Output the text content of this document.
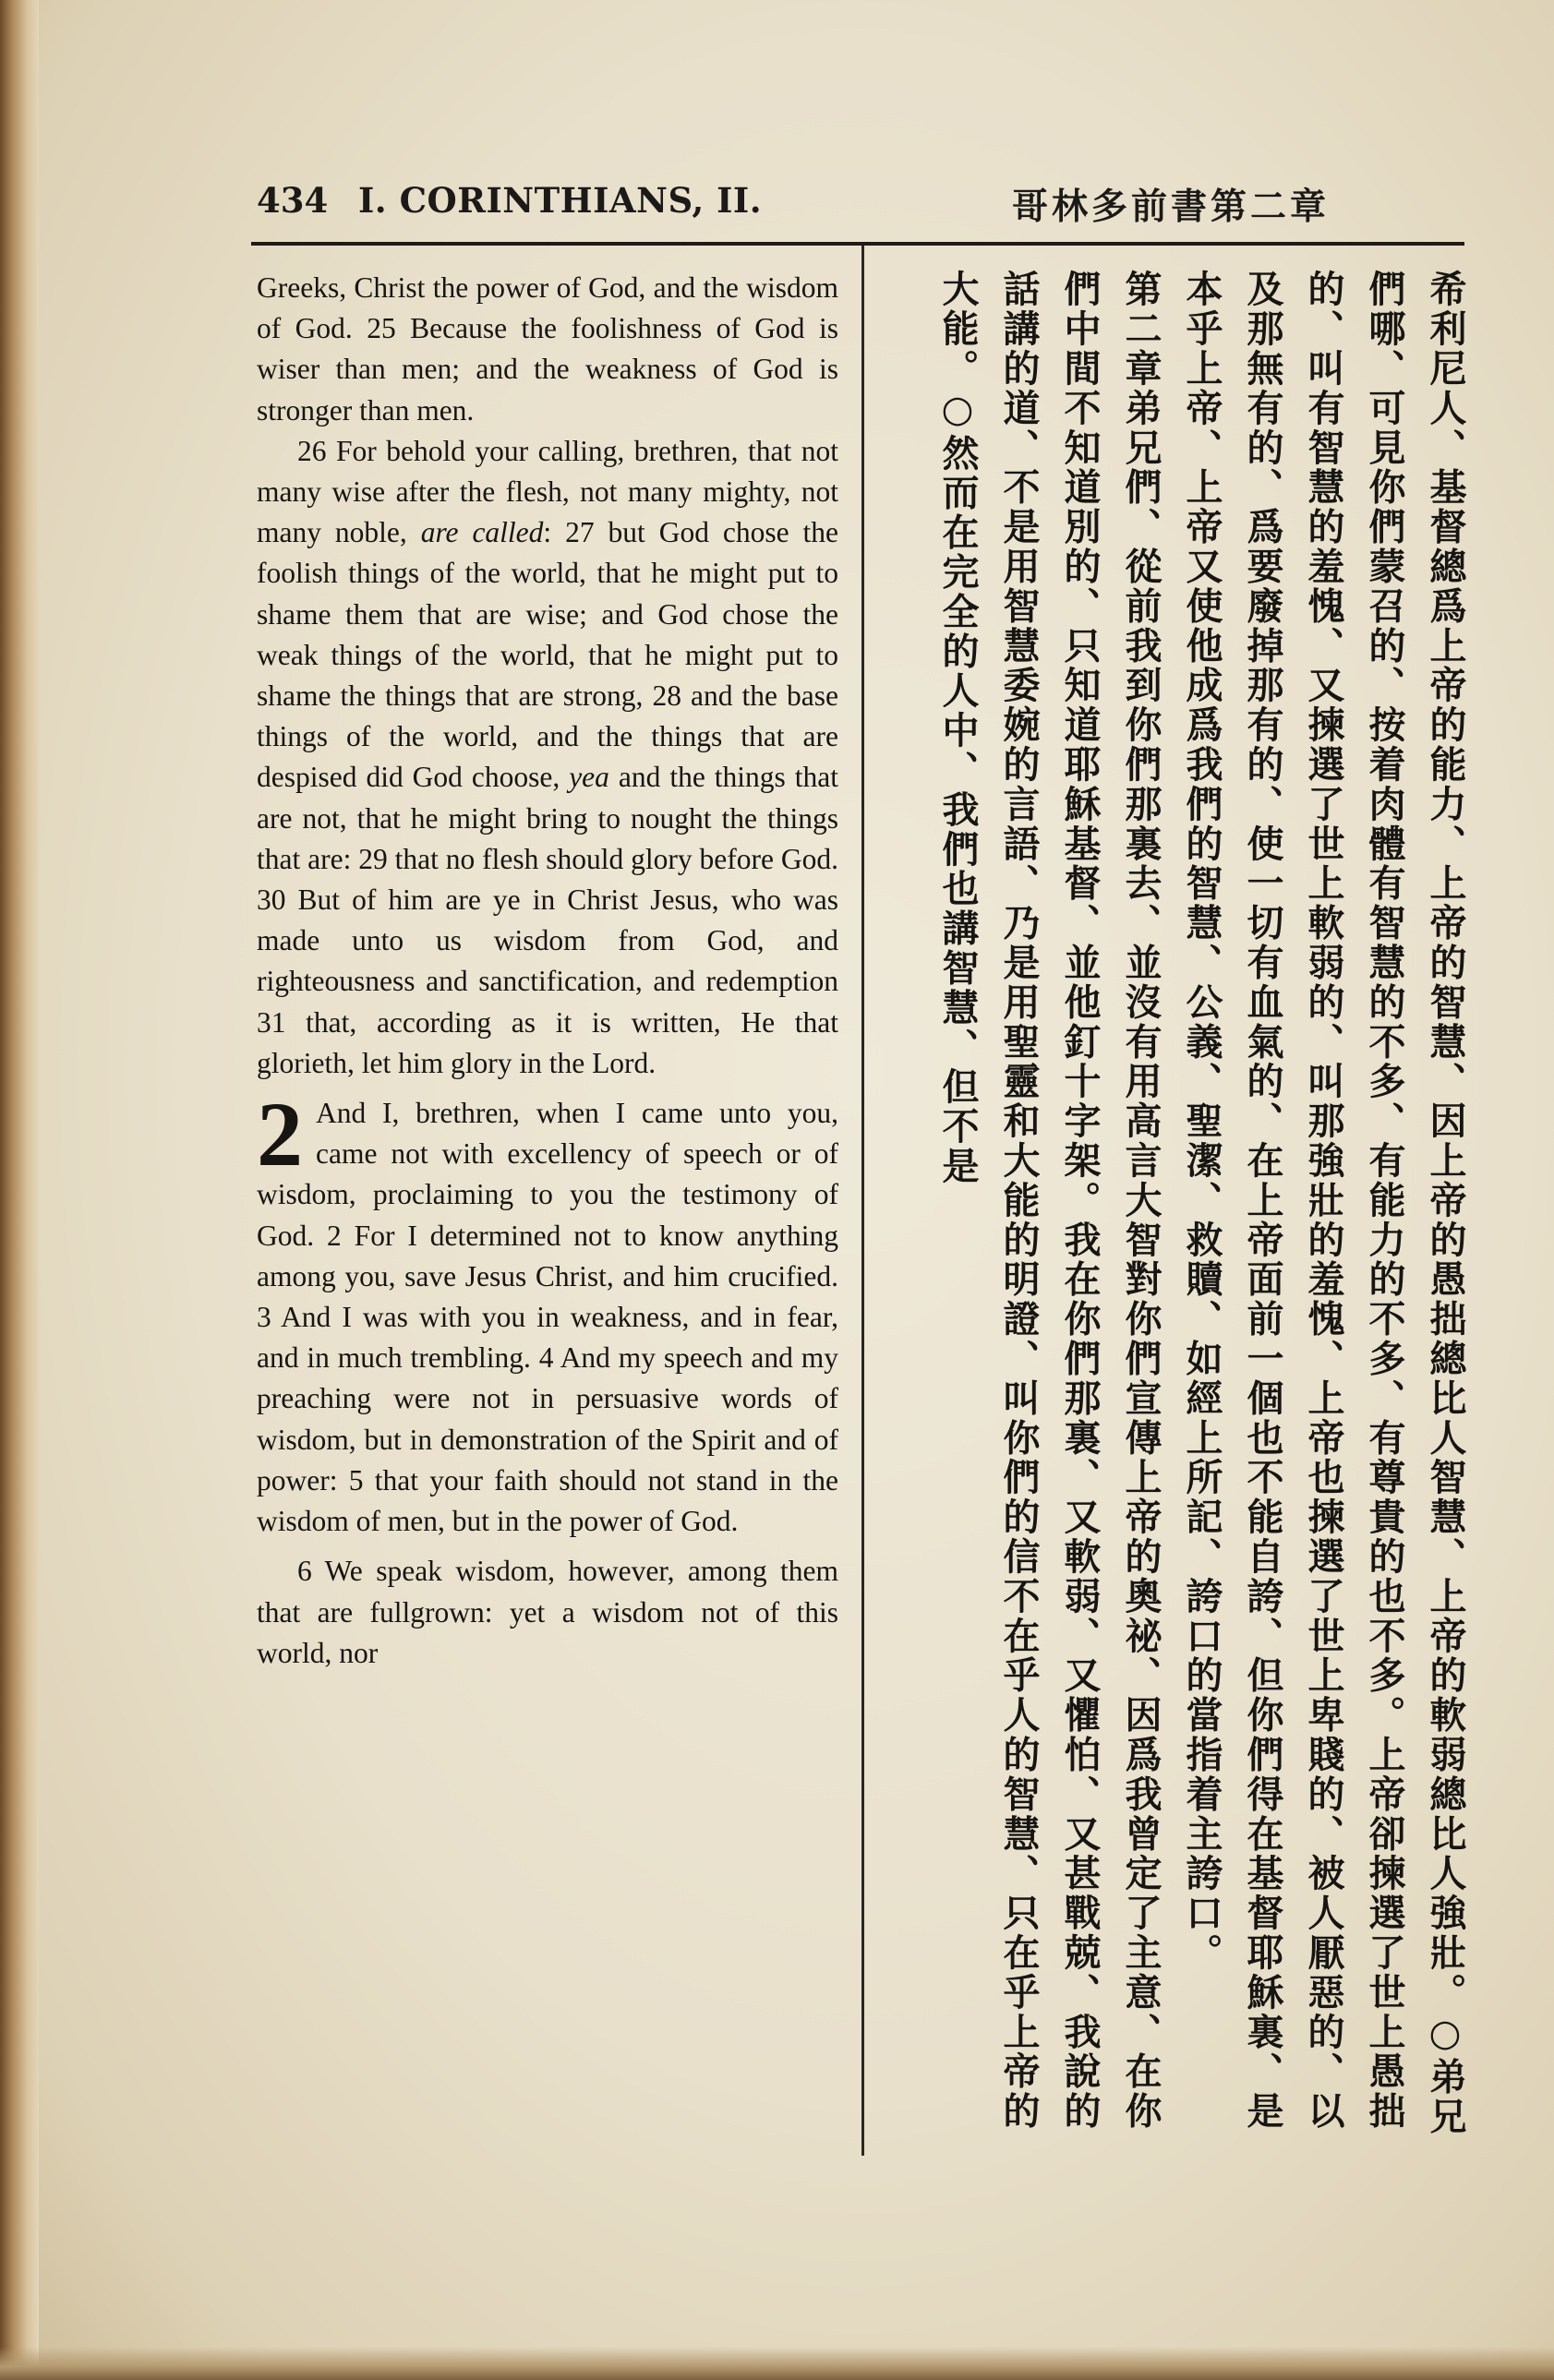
434 I. CORINTHIANS, II.	哥林多前書第二章

Greeks, Christ the power of God, and the wisdom of God. 25 Because the foolishness of God is wiser than men; and the weakness of God is stronger than men.

26 For behold your calling, brethren, that not many wise after the flesh, not many mighty, not many noble, are called: 27 but God chose the foolish things of the world, that he might put to shame them that are wise; and God chose the weak things of the world, that he might put to shame the things that are strong, 28 and the base things of the world, and the things that are despised did God choose, yea and the things that are not, that he might bring to nought the things that are: 29 that no flesh should glory before God. 30 But of him are ye in Christ Jesus, who was made unto us wisdom from God, and righteousness and sanctification, and redemption 31 that, according as it is written, He that glorieth, let him glory in the Lord.

2 And I, brethren, when I came unto you, came not with excellency of speech or of wisdom, proclaiming to you the testimony of God. 2 For I determined not to know anything among you, save Jesus Christ, and him crucified. 3 And I was with you in weakness, and in fear, and in much trembling. 4 And my speech and my preaching were not in persuasive words of wisdom, but in demonstration of the Spirit and of power: 5 that your faith should not stand in the wisdom of men, but in the power of God.

6 We speak wisdom, however, among them that are fullgrown: yet a wisdom not of this world, nor	希利尼人、基督總爲上帝的能力、上帝的智慧、因上帝的愚拙總比人智慧、上帝的軟弱總比人強壯。○弟兄們哪、可見你們蒙召的、按着肉體有智慧的不多、有能力的不多、有尊貴的也不多。上帝卻揀選了世上愚拙的、叫有智慧的羞愧、又揀選了世上軟弱的、叫那強壯的羞愧、上帝也揀選了世上卑賤的、被人厭惡的、以及那無有的、爲要廢掉那有的、使一切有血氣的、在上帝面前一個也不能自誇、但你們得在基督耶穌裏、是本乎上帝、上帝又使他成爲我們的智慧、公義、聖潔、救贖、如經上所記、誇口的當指着主誇口。

第二章弟兄們、從前我到你們那裏去、並沒有用高言大智對你們宣傳上帝的奧祕、因爲我曾定了主意、在你們中間不知道別的、只知道耶穌基督、並他釘十字架。我在你們那裏、又軟弱、又懼怕、又甚戰兢、我說的話講的道、不是用智慧委婉的言語、乃是用聖靈和大能的明證、叫你們的信不在乎人的智慧、只在乎上帝的大能。○然而在完全的人中、我們也講智慧、但不是
